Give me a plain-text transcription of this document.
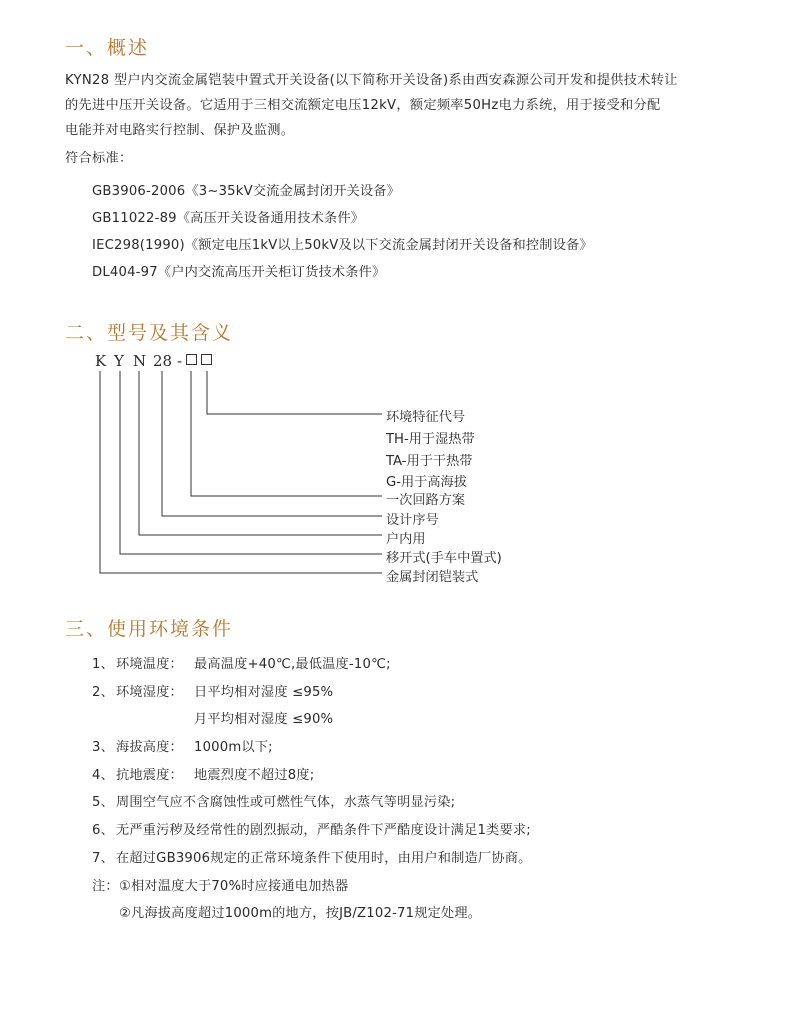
一、概述

KYN28 型户内交流金属铠装中置式开关设备(以下简称开关设备)系由西安森源公司开发和提供技术转让

的先进中压开关设备。它适用于三相交流额定电压12kV，额定频率50Hz电力系统，用于接受和分配

电能并对电路实行控制、保护及监测。

符合标准：

GB3906-2006《3~35kV交流金属封闭开关设备》

GB11022-89《高压开关设备通用技术条件》

IEC298(1990)《额定电压1kV以上50kV及以下交流金属封闭开关设备和控制设备》

DL404-97《户内交流高压开关柜订货技术条件》

二、型号及其含义
K Y N 28 -
环境特征代号
TH-用于湿热带
TA-用于干热带
G-用于高海拔
一次回路方案
设计序号
户内用
移开式(手车中置式)
金属封闭铠装式
三、使用环境条件
1、 环境温度： 最高温度+40℃,最低温度-10℃;
2、 环境湿度： 日平均相对湿度 ≤95%
月平均相对湿度 ≤90%
3、 海拔高度： 1000m以下;
4、 抗地震度： 地震烈度不超过8度;
5、 周围空气应不含腐蚀性或可燃性气体，水蒸气等明显污染;
6、 无严重污秽及经常性的剧烈振动，严酷条件下严酷度设计满足1类要求;
7、 在超过GB3906规定的正常环境条件下使用时，由用户和制造厂协商。
注： ①相对温度大于70%时应接通电加热器
②凡海拔高度超过1000m的地方，按JB/Z102-71规定处理。
